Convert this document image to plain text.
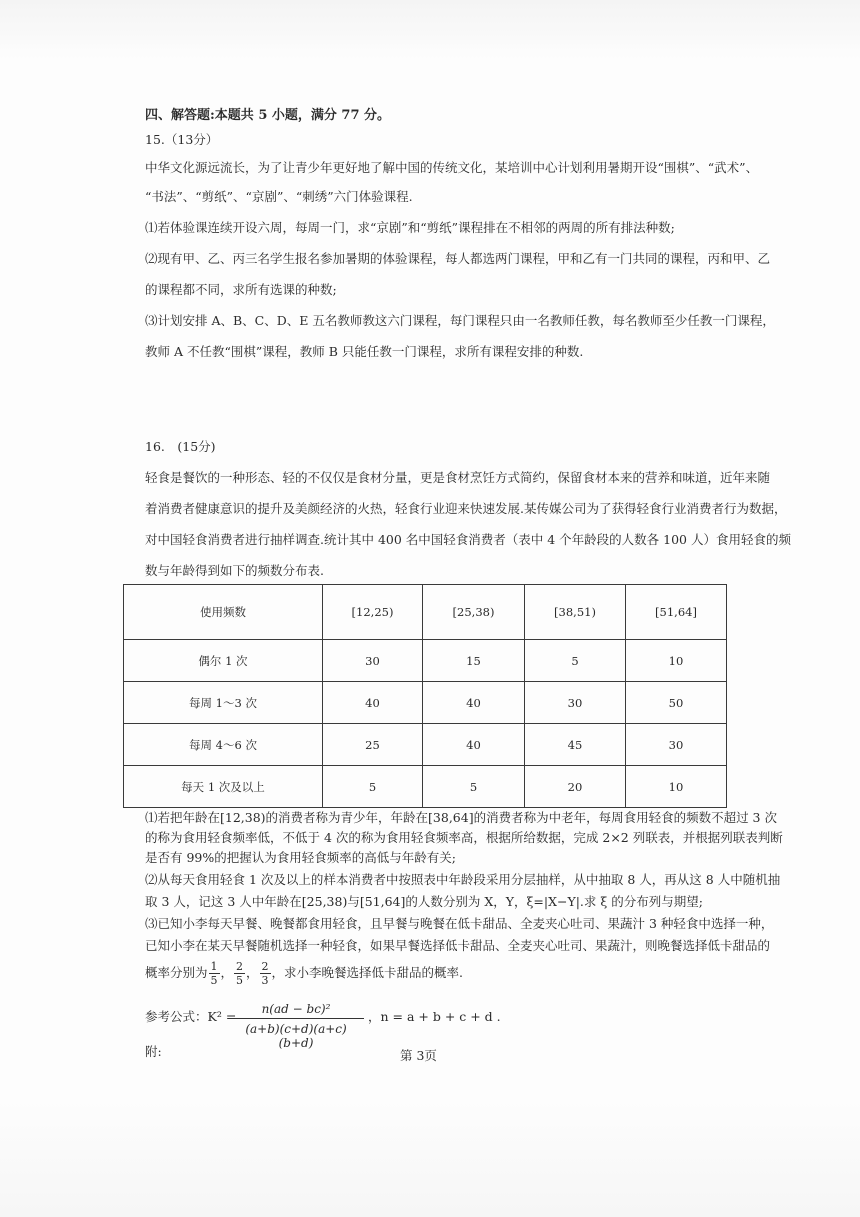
四、解答题:本题共 5 小题，满分 77 分。
15.（13分）
中华文化源远流长，为了让青少年更好地了解中国的传统文化，某培训中心计划利用暑期开设“围棋”、“武术”、
“书法”、“剪纸”、“京剧”、“刺绣”六门体验课程.
⑴若体验课连续开设六周，每周一门，求“京剧”和“剪纸”课程排在不相邻的两周的所有排法种数;
⑵现有甲、乙、丙三名学生报名参加暑期的体验课程，每人都选两门课程，甲和乙有一门共同的课程，丙和甲、乙
的课程都不同，求所有选课的种数;
⑶计划安排 A、B、C、D、E 五名教师教这六门课程，每门课程只由一名教师任教，每名教师至少任教一门课程，
教师 A 不任教“围棋”课程，教师 B 只能任教一门课程，求所有课程安排的种数.
16.　(15分)
轻食是餐饮的一种形态、轻的不仅仅是食材分量，更是食材烹饪方式简约，保留食材本来的营养和味道，近年来随
着消费者健康意识的提升及美颜经济的火热，轻食行业迎来快速发展.某传媒公司为了获得轻食行业消费者行为数据，
对中国轻食消费者进行抽样调查.统计其中 400 名中国轻食消费者（表中 4 个年龄段的人数各 100 人）食用轻食的频
数与年龄得到如下的频数分布表.
使用频数	[12,25)	[25,38)	[38,51)	[51,64]
偶尔 1 次	30	15	5	10
每周 1～3 次	40	40	30	50
每周 4～6 次	25	40	45	30
每天 1 次及以上	5	5	20	10
⑴若把年龄在[12,38)的消费者称为青少年，年龄在[38,64]的消费者称为中老年，每周食用轻食的频数不超过 3 次
的称为食用轻食频率低，不低于 4 次的称为食用轻食频率高，根据所给数据，完成 2×2 列联表，并根据列联表判断
是否有 99%的把握认为食用轻食频率的高低与年龄有关;
⑵从每天食用轻食 1 次及以上的样本消费者中按照表中年龄段采用分层抽样，从中抽取 8 人，再从这 8 人中随机抽
取 3 人，记这 3 人中年龄在[25,38)与[51,64]的人数分别为 X，Y，ξ=|X−Y|.求 ξ 的分布列与期望;
⑶已知小李每天早餐、晚餐都食用轻食，且早餐与晚餐在低卡甜品、全麦夹心吐司、果蔬汁 3 种轻食中选择一种，
已知小李在某天早餐随机选择一种轻食，如果早餐选择低卡甜品、全麦夹心吐司、果蔬汁，则晚餐选择低卡甜品的
概率分别为 $\frac{1}{5}$ ， $\frac{2}{5}$ ， $\frac{2}{3}$ ，求小李晚餐选择低卡甜品的概率.
参考公式：K² =
$\frac{\text{n(ad − bc)²}}{(a+b)(c+d)(a+c)(b+d)}$ ，n = a + b + c + d .
附:	第 3页
